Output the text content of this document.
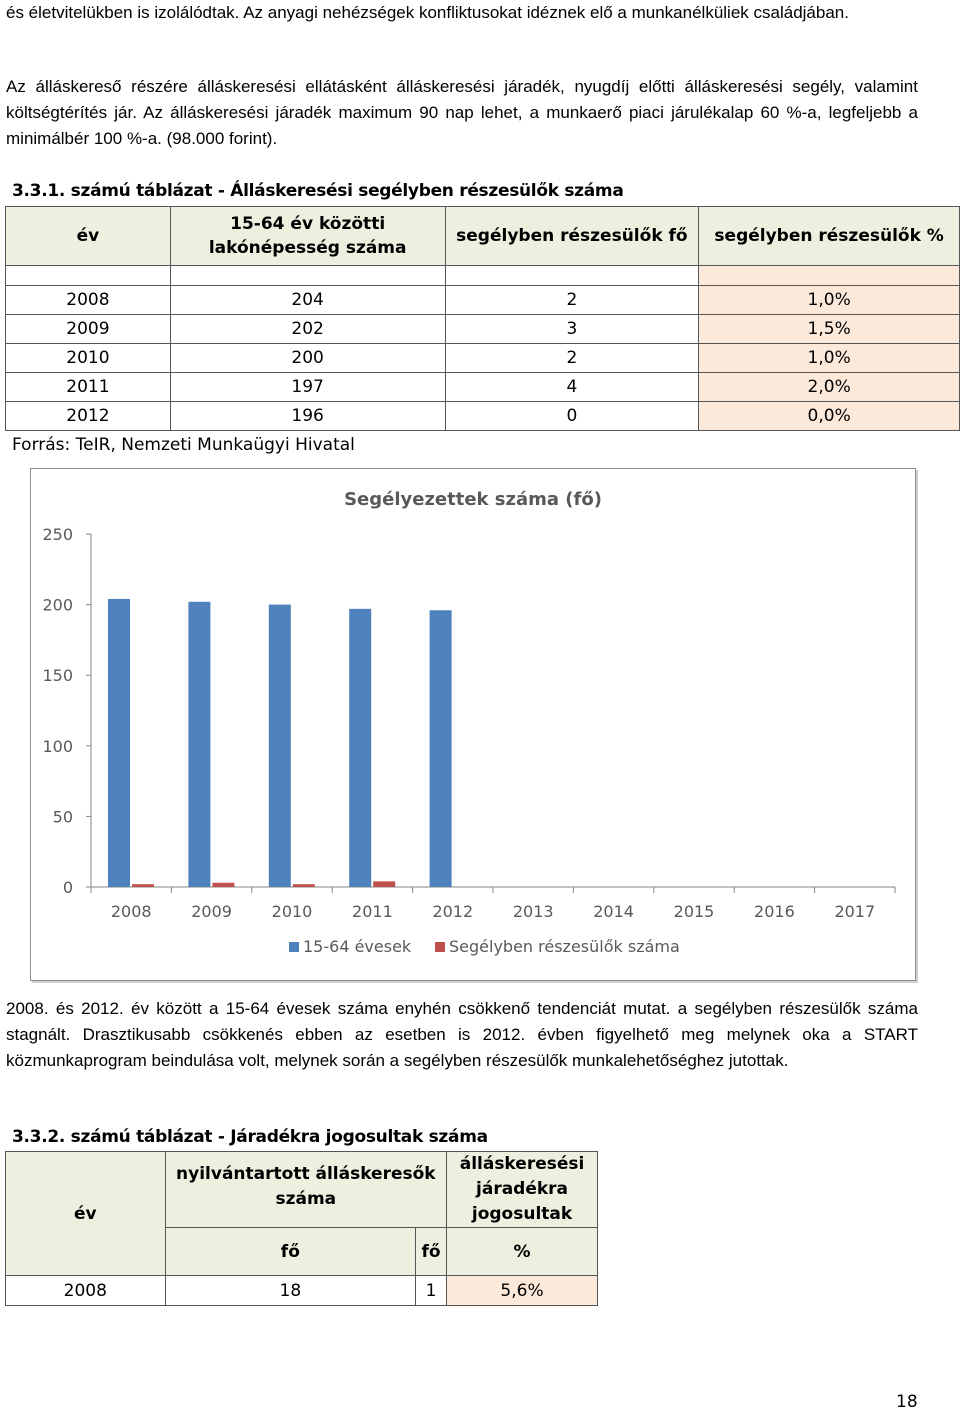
és életvitelükben is izolálódtak. Az anyagi nehézségek konfliktusokat idéznek elő a munkanélküliek családjában.
Az álláskereső részére álláskeresési ellátásként álláskeresési járadék, nyugdíj előtti álláskeresési segély, valamint költségtérítés jár. Az álláskeresési járadék maximum 90 nap lehet, a munkaerő piaci járulékalap 60 %-a, legfeljebb a minimálbér 100 %-a. (98.000 forint).
3.3.1. számú táblázat - Álláskeresési segélyben részesülők száma
év	15-64 év közötti lakónépesség száma	segélyben részesülők fő	segélyben részesülők %

2008	204	2	1,0%
2009	202	3	1,5%
2010	200	2	1,0%
2011	197	4	2,0%
2012	196	0	0,0%
Forrás: TeIR, Nemzeti Munkaügyi Hivatal
Segélyezettek száma (fő)
0
50
100
150
200
250
2008 2009 2010 2011 2012 2013 2014 2015 2016 2017
15-64 évesek Segélyben részesülők száma
2008. és 2012. év között a 15-64 évesek száma enyhén csökkenő tendenciát mutat. a segélyben részesülők száma stagnált. Drasztikusabb csökkenés ebben az esetben is 2012. évben figyelhető meg melynek oka a START közmunkaprogram beindulása volt, melynek során a segélyben részesülők munkalehetőséghez jutottak.
3.3.2. számú táblázat - Járadékra jogosultak száma
év	nyilvántartott álláskeresők száma		álláskeresési járadékra jogosultak
	fő	fő	%
2008	18	1	5,6%
18
